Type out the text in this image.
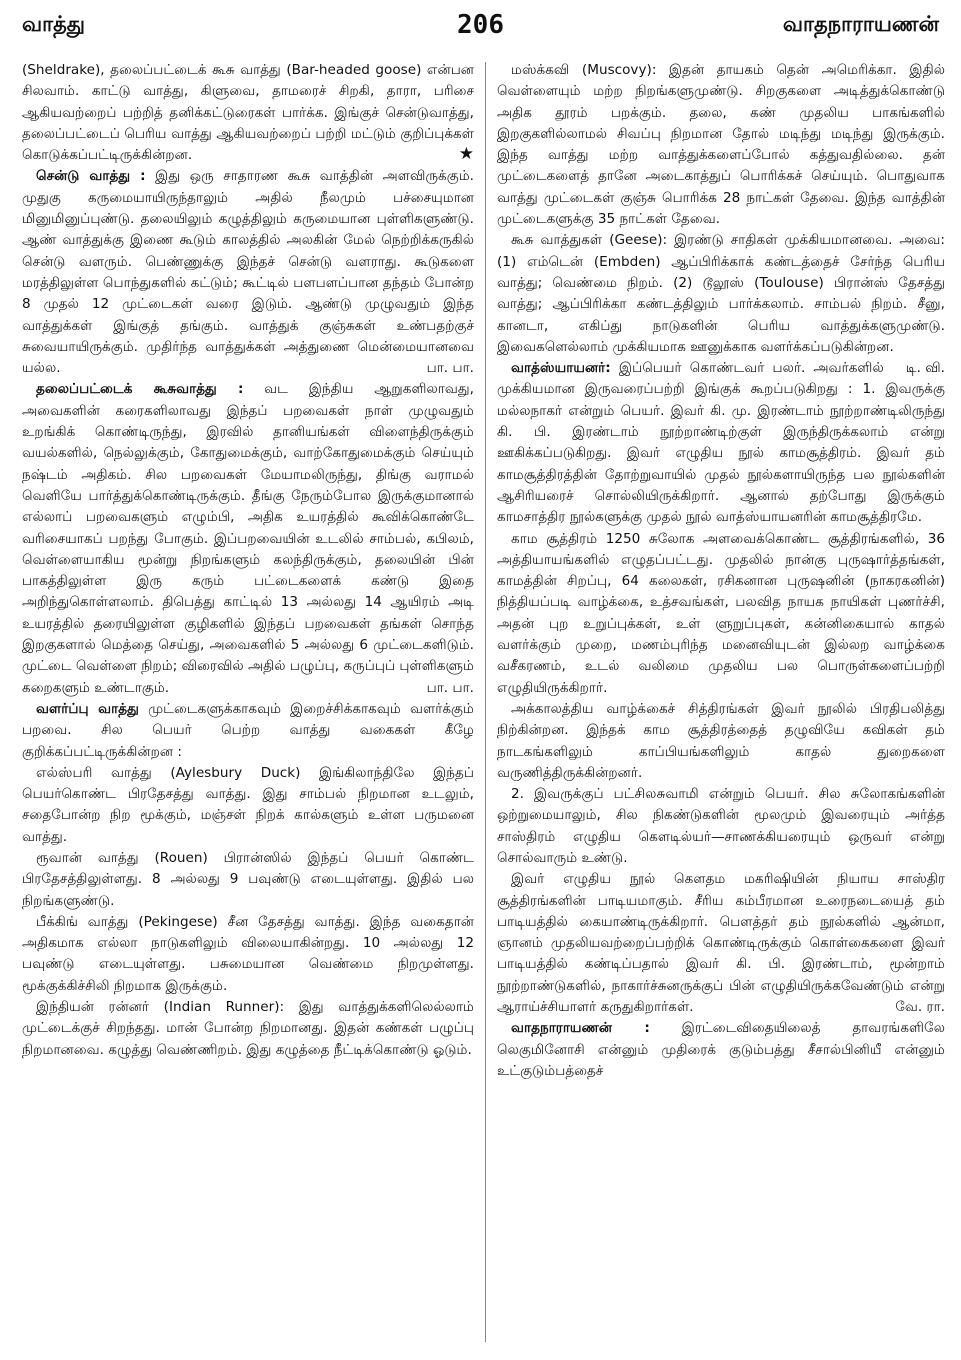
வாத்து	206	வாதநாராயணன்

(Sheldrake), தலைப்பட்டைக் கூசு வாத்து (Bar-headed goose) என்பன சிலவாம். காட்டு வாத்து, கிளுவை, தாமரைச் சிறகி, தாரா, பரிசை ஆகியவற்றைப் பற்றித் தனிக்கட்டுரைகள் பார்க்க. இங்குச் சென்டுவாத்து, தலைப்பட்டைப் பெரிய வாத்து ஆகியவற்றைப் பற்றி மட்டும் குறிப்புக்கள் கொடுக்கப்பட்டிருக்கின்றன.	★

சென்டு வாத்து : இது ஒரு சாதாரண கூசு வாத்தின் அளவிருக்கும். முதுகு கருமையாயிருந்தாலும் அதில் நீலமும் பச்சையுமான மினுமினுப்புண்டு. தலையிலும் கழுத்திலும் கருமையான புள்ளிகளுண்டு. ஆண் வாத்துக்கு இணை கூடும் காலத்தில் அலகின் மேல் நெற்றிக்கருகில் சென்டு வளரும். பெண்ணுக்கு இந்தச் சென்டு வளராது. கூடுகளை மரத்திலுள்ள பொந்துகளில் கட்டும்; கூட்டில் பளபளப்பான தந்தம் போன்ற 8 முதல் 12 முட்டைகள் வரை இடும். ஆண்டு முழுவதும் இந்த வாத்துக்கள் இங்குத் தங்கும். வாத்துக் குஞ்சுகள் உண்பதற்குச் சுவையாயிருக்கும். முதிர்ந்த வாத்துக்கள் அத்துணை மென்மையானவை யல்ல.	பா. பா.

தலைப்பட்டைக் கூசுவாத்து : வட இந்திய ஆறுகளிலாவது, அவைகளின் கரைகளிலாவது இந்தப் பறவைகள் நாள் முழுவதும் உறங்கிக் கொண்டிருந்து, இரவில் தானியங்கள் விளைந்திருக்கும் வயல்களில், நெல்லுக்கும், கோதுமைக்கும், வாற்கோதுமைக்கும் செய்யும் நஷ்டம் அதிகம். சில பறவைகள் மேயாமலிருந்து, திங்கு வராமல் வெளியே பார்த்துக்கொண்டிருக்கும். தீங்கு நேரும்போல இருக்குமானால் எல்லாப் பறவைகளும் எழும்பி, அதிக உயரத்தில் கூவிக்கொண்டே வரிசையாகப் பறந்து போகும். இப்பறவையின் உடலில் சாம்பல், கபிலம், வெள்ளையாகிய மூன்று நிறங்களும் கலந்திருக்கும், தலையின் பின் பாகத்திலுள்ள இரு கரும் பட்டைகளைக் கண்டு இதை அறிந்துகொள்ளலாம். திபெத்து காட்டில் 13 அல்லது 14 ஆயிரம் அடி உயரத்தில் தரையிலுள்ள குழிகளில் இந்தப் பறவைகள் தங்கள் சொந்த இறகுகளால் மெத்தை செய்து, அவைகளில் 5 அல்லது 6 முட்டைகளிடும். முட்டை வெள்ளை நிறம்; விரைவில் அதில் பழுப்பு, கருப்புப் புள்ளிகளும் கறைகளும் உண்டாகும்.	பா. பா.

வளர்ப்பு வாத்து முட்டைகளுக்காகவும் இறைச்சிக்காகவும் வளர்க்கும் பறவை. சில பெயர் பெற்ற வாத்து வகைகள் கீழே குறிக்கப்பட்டிருக்கின்றன :

எல்ஸ்பரி வாத்து (Aylesbury Duck) இங்கிலாந்திலே இந்தப் பெயர்கொண்ட பிரதேசத்து வாத்து. இது சாம்பல் நிறமான உடலும், சதைபோன்ற நிற மூக்கும், மஞ்சள் நிறக் கால்களும் உள்ள பருமனை வாத்து.

ரூவான் வாத்து (Rouen) பிரான்ஸில் இந்தப் பெயர் கொண்ட பிரதேசத்திலுள்ளது. 8 அல்லது 9 பவுண்டு எடையுள்ளது. இதில் பல நிறங்களுண்டு.

பீக்கிங் வாத்து (Pekingese) சீன தேசத்து வாத்து. இந்த வகைதான் அதிகமாக எல்லா நாடுகளிலும் விலையாகின்றது. 10 அல்லது 12 பவுண்டு எடையுள்ளது. பசுமையான வெண்மை நிறமுள்ளது. மூக்குக்கிச்சிலி நிறமாக இருக்கும்.

இந்தியன் ரன்னர் (Indian Runner): இது வாத்துக்களிலெல்லாம் முட்டைக்குச் சிறந்தது. மான் போன்ற நிறமானது. இதன் கண்கள் பழுப்பு நிறமானவை. கழுத்து வெண்ணிறம். இது கழுத்தை நீட்டிக்கொண்டு ஓடும்.

மஸ்க்கவி (Muscovy): இதன் தாயகம் தென் அமெரிக்கா. இதில் வெள்ளையும் மற்ற நிறங்களுமுண்டு. சிறகுகளை அடித்துக்கொண்டு அதிக தூரம் பறக்கும். தலை, கண் முதலிய பாகங்களில் இறகுகளில்லாமல் சிவப்பு நிறமான தோல் மடிந்து மடிந்து இருக்கும். இந்த வாத்து மற்ற வாத்துக்களைப்போல் கத்துவதில்லை. தன் முட்டைகளைத் தானே அடைகாத்துப் பொரிக்கச் செய்யும். பொதுவாக வாத்து முட்டைகள் குஞ்சு பொரிக்க 28 நாட்கள் தேவை. இந்த வாத்தின் முட்டைகளுக்கு 35 நாட்கள் தேவை.

கூசு வாத்துகள் (Geese): இரண்டு சாதிகள் முக்கியமானவை. அவை: (1) எம்டென் (Embden) ஆப்பிரிக்காக் கண்டத்தைச் சேர்ந்த பெரிய வாத்து; வெண்மை நிறம். (2) டூலூஸ் (Toulouse) பிரான்ஸ் தேசத்து வாத்து; ஆப்பிரிக்கா கண்டத்திலும் பார்க்கலாம். சாம்பல் நிறம். சீனு, கானடா, எகிப்து நாடுகளின் பெரிய வாத்துக்களுமுண்டு. இவைகளெல்லாம் முக்கியமாக ஊனுக்காக வளர்க்கப்படுகின்றன.
டி. வி.

வாத்ஸ்யாயனர்: இப்பெயர் கொண்டவர் பலர். அவர்களில் முக்கியமான இருவரைப்பற்றி இங்குக் கூறப்படுகிறது : 1. இவருக்கு மல்லநாகர் என்றும் பெயர். இவர் கி. மு. இரண்டாம் நூற்றாண்டிலிருந்து கி. பி. இரண்டாம் நூற்றாண்டிற்குள் இருந்திருக்கலாம் என்று ஊகிக்கப்படுகிறது. இவர் எழுதிய நூல் காமசூத்திரம். இவர் தம் காமசூத்திரத்தின் தோற்றுவாயில் முதல் நூல்களாயிருந்த பல நூல்களின் ஆசிரியரைச் சொல்லியிருக்கிறார். ஆனால் தற்போது இருக்கும் காமசாத்திர நூல்களுக்கு முதல் நூல் வாத்ஸ்யாயனரின் காமசூத்திரமே.

காம சூத்திரம் 1250 சுலோக அளவைக்கொண்ட சூத்திரங்களில், 36 அத்தியாயங்களில் எழுதப்பட்டது. முதலில் நான்கு புருஷார்த்தங்கள், காமத்தின் சிறப்பு, 64 கலைகள், ரசிகனான புருஷனின் (நாகரகனின்) நித்தியப்படி வாழ்க்கை, உத்சவங்கள், பலவித நாயக நாயிகள் புணர்ச்சி, அதன் புற உறுப்புக்கள், உள் ளுறுப்புகள், கன்னிகையால் காதல் வளர்க்கும் முறை, மணம்புரிந்த மனைவியுடன் இல்லற வாழ்க்கை வசீகரணம், உடல் வலிமை முதலிய பல பொருள்களைப்பற்றி எழுதியிருக்கிறார்.

அக்காலத்திய வாழ்க்கைச் சித்திரங்கள் இவர் நூலில் பிரதிபலித்து நிற்கின்றன. இந்தக் காம சூத்திரத்தைத் தழுவியே கவிகள் தம் நாடகங்களிலும் காப்பியங்களிலும் காதல் துறைகளை வருணித்திருக்கின்றனர்.

2. இவருக்குப் பட்சிலசுவாமி என்றும் பெயர். சில சுலோகங்களின் ஒற்றுமையாலும், சில நிகண்டுகளின் மூலமும் இவரையும் அர்த்த சாஸ்திரம் எழுதிய கௌடில்யர்—சாணக்கியரையும் ஒருவர் என்று சொல்வாரும் உண்டு.

இவர் எழுதிய நூல் கௌதம மகரிஷியின் நியாய சாஸ்திர சூத்திரங்களின் பாடியமாகும். சீரிய கம்பீரமான உரைநடையைத் தம் பாடியத்தில் கையாண்டிருக்கிறார். பௌத்தர் தம் நூல்களில் ஆன்மா, ஞானம் முதலியவற்றைப்பற்றிக் கொண்டிருக்கும் கொள்கைகளை இவர் பாடியத்தில் கண்டிப்பதால் இவர் கி. பி. இரண்டாம், மூன்றாம் நூற்றாண்டுகளில், நாகார்ச்சுனருக்குப் பின் எழுதியிருக்கவேண்டும் என்று ஆராய்ச்சியாளர் கருதுகிறார்கள்.	வே. ரா.

வாதநாராயணன் : இரட்டைவிதையிலைத் தாவரங்களிலே லெகுமினோசி என்னும் முதிரைக் குடும்பத்து சீசால்பினியீ என்னும் உட்குடும்பத்தைச்
